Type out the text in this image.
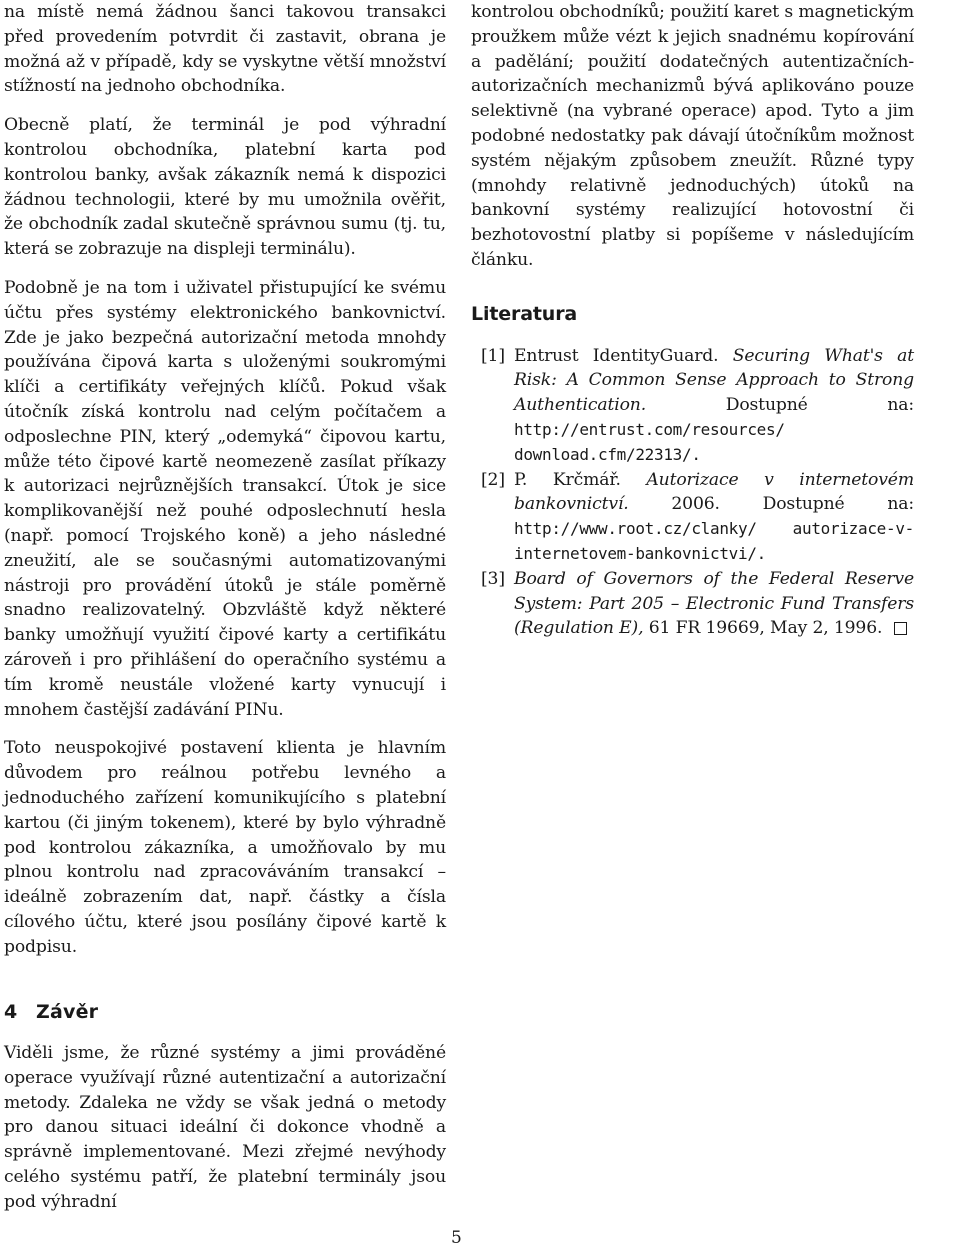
na místě nemá žádnou šanci takovou transakci před provedením potvrdit či zastavit, obrana je možná až v případě, kdy se vyskytne větší množství stížností na jednoho obchodníka.

Obecně platí, že terminál je pod výhradní kontrolou obchodníka, platební karta pod kontrolou banky, avšak zákazník nemá k dispozici žádnou technologii, které by mu umožnila ověřit, že obchodník zadal skutečně správnou sumu (tj. tu, která se zobrazuje na displeji terminálu).

Podobně je na tom i uživatel přistupující ke svému účtu přes systémy elektronického bankovnictví. Zde je jako bezpečná autorizační metoda mnohdy používána čipová karta s uloženými soukromými klíči a certifikáty veřejných klíčů. Pokud však útočník získá kontrolu nad celým počítačem a odposlechne PIN, který „odemyká“ čipovou kartu, může této čipové kartě neomezeně zasílat příkazy k autorizaci nejrůznějších transakcí. Útok je sice komplikovanější než pouhé odposlechnutí hesla (např. pomocí Trojského koně) a jeho následné zneužití, ale se současnými automatizovanými nástroji pro provádění útoků je stále poměrně snadno realizovatelný. Obzvláště když některé banky umožňují využití čipové karty a certifikátu zároveň i pro přihlášení do operačního systému a tím kromě neustále vložené karty vynucují i mnohem častější zadávání PINu.

Toto neuspokojivé postavení klienta je hlavním důvodem pro reálnou potřebu levného a jednoduchého zařízení komunikujícího s platební kartou (či jiným tokenem), které by bylo výhradně pod kontrolou zákazníka, a umožňovalo by mu plnou kontrolu nad zpracováváním transakcí – ideálně zobrazením dat, např. částky a čísla cílového účtu, které jsou posílány čipové kartě k podpisu.

4 Závěr

Viděli jsme, že různé systémy a jimi prováděné operace využívají různé autentizační a autorizační metody. Zdaleka ne vždy se však jedná o metody pro danou situaci ideální či dokonce vhodně a správně implementované. Mezi zřejmé nevýhody celého systému patří, že platební terminály jsou pod výhradní

kontrolou obchodníků; použití karet s magnetickým proužkem může vézt k jejich snadnému kopírování a padělání; použití dodatečných autentizačních-autorizačních mechanizmů bývá aplikováno pouze selektivně (na vybrané operace) apod. Tyto a jim podobné nedostatky pak dávají útočníkům možnost systém nějakým způsobem zneužít. Různé typy (mnohdy relativně jednoduchých) útoků na bankovní systémy realizující hotovostní či bezhotovostní platby si popíšeme v následujícím článku.

Literatura
[1] Entrust IdentityGuard. Securing What's at Risk: A Common Sense Approach to Strong Authentication.	Dostupné na: http://entrust.com/resources/ download.cfm/22313/.
[2] P. Krčmář. Autorizace v internetovém bankovnictví. 2006. Dostupné na: http://www.root.cz/clanky/ autorizace-v-internetovem-bankovnictvi/.
[3] Board of Governors of the Federal Reserve System: Part 205 – Electronic Fund Transfers (Regulation E), 61 FR 19669, May 2, 1996.
5
